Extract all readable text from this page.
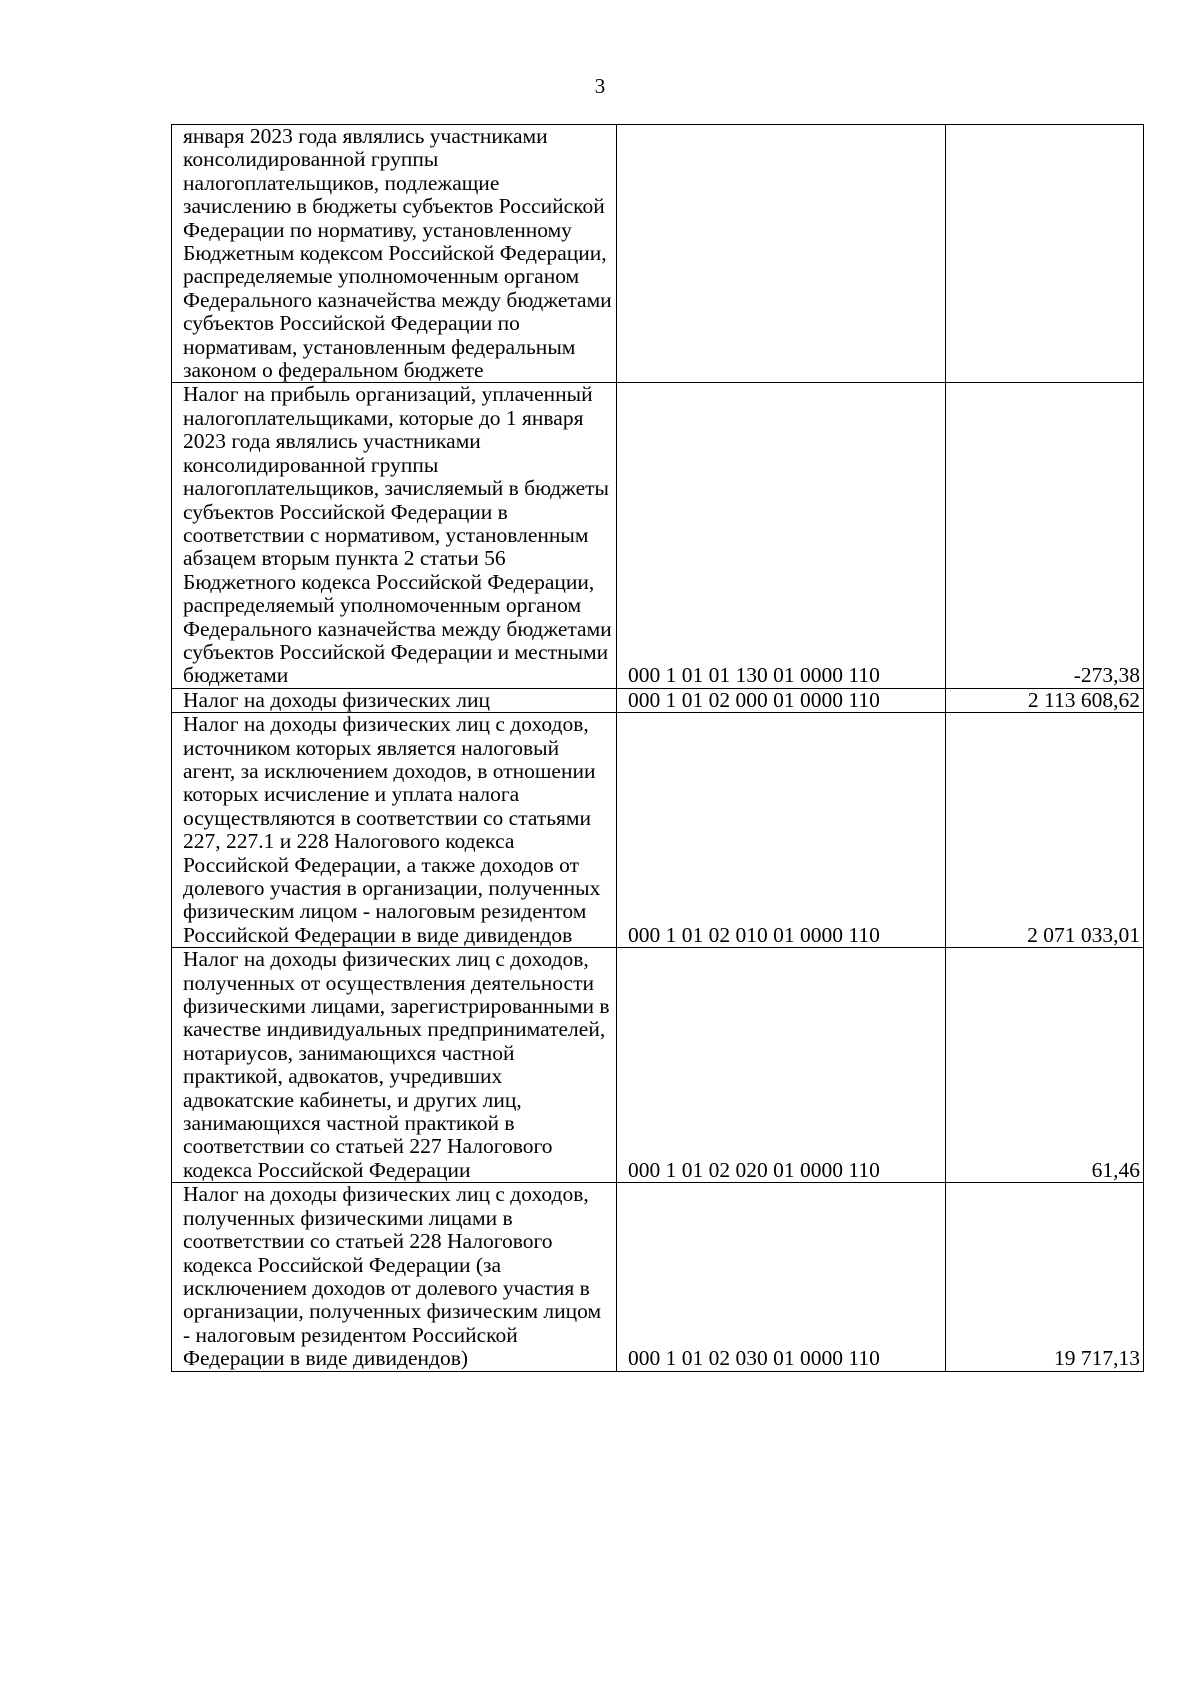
3
января 2023 года являлись участниками консолидированной группы налогоплательщиков, подлежащие зачислению в бюджеты субъектов Российской Федерации по нормативу, установленному Бюджетным кодексом Российской Федерации, распределяемые уполномоченным органом Федерального казначейства между бюджетами субъектов Российской Федерации по нормативам, установленным федеральным законом о федеральном бюджете		

Налог на прибыль организаций, уплаченный налогоплательщиками, которые до 1 января 2023 года являлись участниками консолидированной группы налогоплательщиков, зачисляемый в бюджеты субъектов Российской Федерации в соответствии с нормативом, установленным абзацем вторым пункта 2 статьи 56 Бюджетного кодекса Российской Федерации, распределяемый уполномоченным органом Федерального казначейства между бюджетами субъектов Российской Федерации и местными бюджетами	000 1 01 01 130 01 0000 110	-273,38

Налог на доходы физических лиц	000 1 01 02 000 01 0000 110	2 113 608,62

Налог на доходы физических лиц с доходов, источником которых является налоговый агент, за исключением доходов, в отношении которых исчисление и уплата налога осуществляются в соответствии со статьями 227, 227.1 и 228 Налогового кодекса Российской Федерации, а также доходов от долевого участия в организации, полученных физическим лицом - налоговым резидентом Российской Федерации в виде дивидендов	000 1 01 02 010 01 0000 110	2 071 033,01

Налог на доходы физических лиц с доходов, полученных от осуществления деятельности физическими лицами, зарегистрированными в качестве индивидуальных предпринимателей, нотариусов, занимающихся частной практикой, адвокатов, учредивших адвокатские кабинеты, и других лиц, занимающихся частной практикой в соответствии со статьей 227 Налогового кодекса Российской Федерации	000 1 01 02 020 01 0000 110	61,46

Налог на доходы физических лиц с доходов, полученных физическими лицами в соответствии со статьей 228 Налогового кодекса Российской Федерации (за исключением доходов от долевого участия в организации, полученных физическим лицом - налоговым резидентом Российской Федерации в виде дивидендов)	000 1 01 02 030 01 0000 110	19 717,13
